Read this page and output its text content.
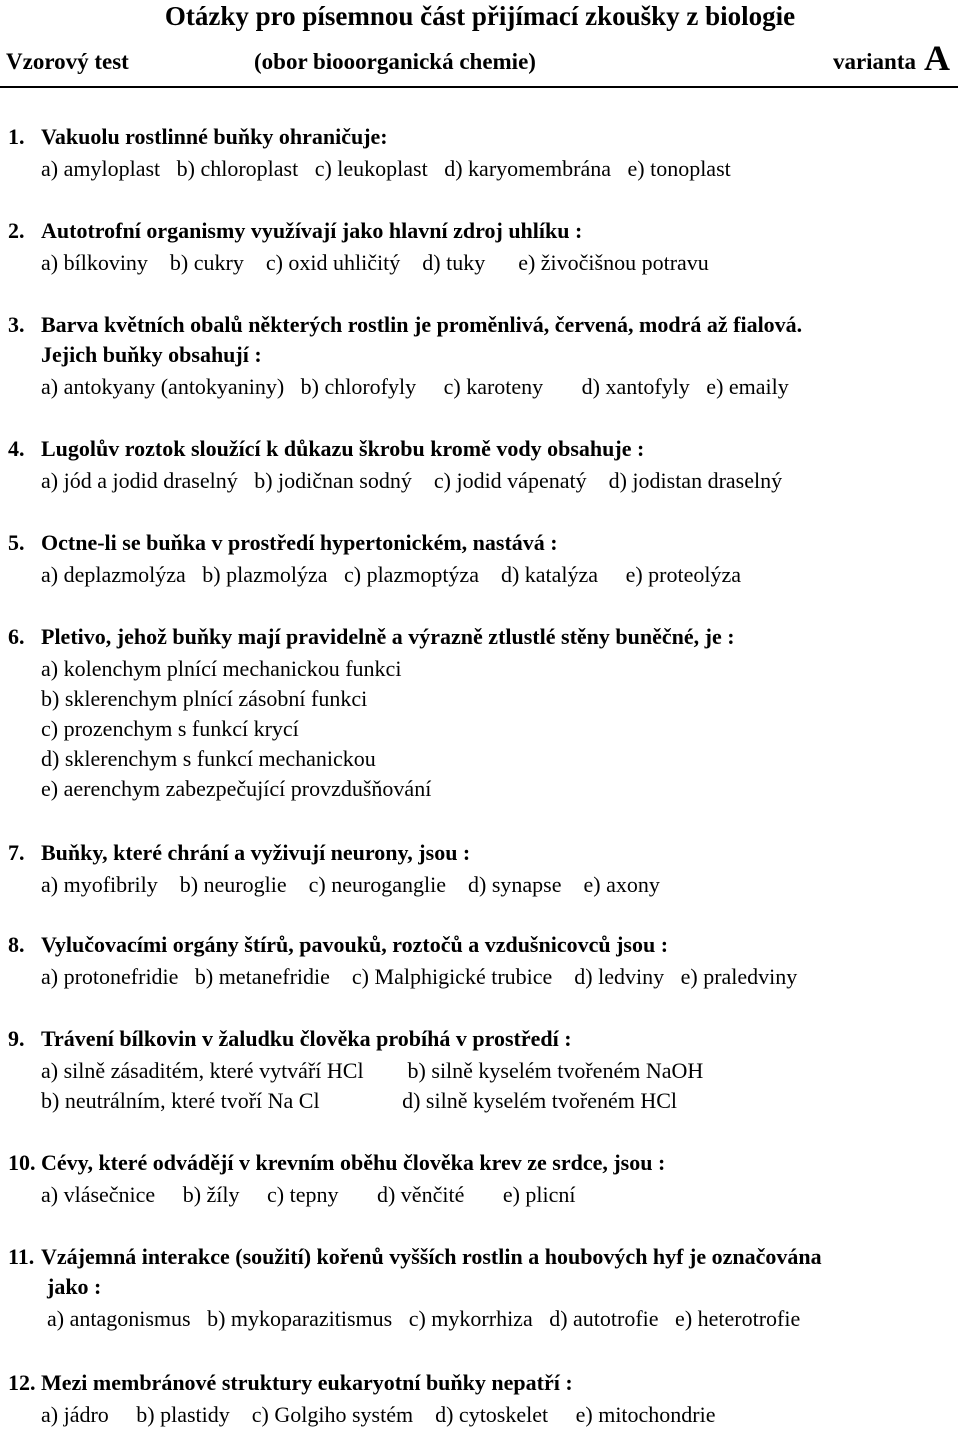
Otázky pro písemnou část přijímací zkoušky z biologie
Vzorový test	(obor biooorganická chemie)	varianta A
1. Vakuolu rostlinné buňky ohraničuje:
a) amyloplast   b) chloroplast   c) leukoplast   d) karyomembrána   e) tonoplast
2. Autotrofní organismy využívají jako hlavní zdroj uhlíku :
a) bílkoviny    b) cukry    c) oxid uhličitý    d) tuky      e) živočišnou potravu
3. Barva květních obalů některých rostlin je proměnlivá, červená, modrá až fialová.
Jejich buňky obsahují :
a) antokyany (antokyaniny)   b) chlorofyly     c) karoteny       d) xantofyly   e) emaily
4. Lugolův roztok sloužící k důkazu škrobu kromě vody obsahuje :
a) jód a jodid draselný   b) jodičnan sodný    c) jodid vápenatý    d) jodistan draselný
5. Octne-li se buňka v prostředí hypertonickém, nastává :
a) deplazmolýza   b) plazmolýza   c) plazmoptýza    d) katalýza     e) proteolýza
6. Pletivo, jehož buňky mají pravidelně a výrazně ztlustlé stěny buněčné, je :
a) kolenchym plnící mechanickou funkci
b) sklerenchym plnící zásobní funkci
c) prozenchym s funkcí krycí
d) sklerenchym s funkcí mechanickou
e) aerenchym zabezpečující provzdušňování
7. Buňky, které chrání a vyživují neurony, jsou :
a) myofibrily    b) neuroglie    c) neuroganglie    d) synapse    e) axony
8. Vylučovacími orgány štírů, pavouků, roztočů a vzdušnicovců jsou :
a) protonefridie   b) metanefridie    c) Malphigické trubice    d) ledviny   e) praledviny
9. Trávení bílkovin v žaludku člověka probíhá v prostředí :
a) silně zásaditém, které vytváří HCl        b) silně kyselém tvořeném NaOH
b) neutrálním, které tvoří Na Cl               d) silně kyselém tvořeném HCl
10. Cévy, které odvádějí v krevním oběhu člověka krev ze srdce, jsou :
a) vlásečnice     b) žíly     c) tepny       d) věnčité       e) plicní
11. Vzájemná interakce (soužití) kořenů vyšších rostlin a houbových hyf je označována
jako :
a) antagonismus   b) mykoparazitismus   c) mykorrhiza   d) autotrofie   e) heterotrofie
12. Mezi membránové struktury eukaryotní buňky nepatří :
a) jádro     b) plastidy    c) Golgiho systém    d) cytoskelet     e) mitochondrie
